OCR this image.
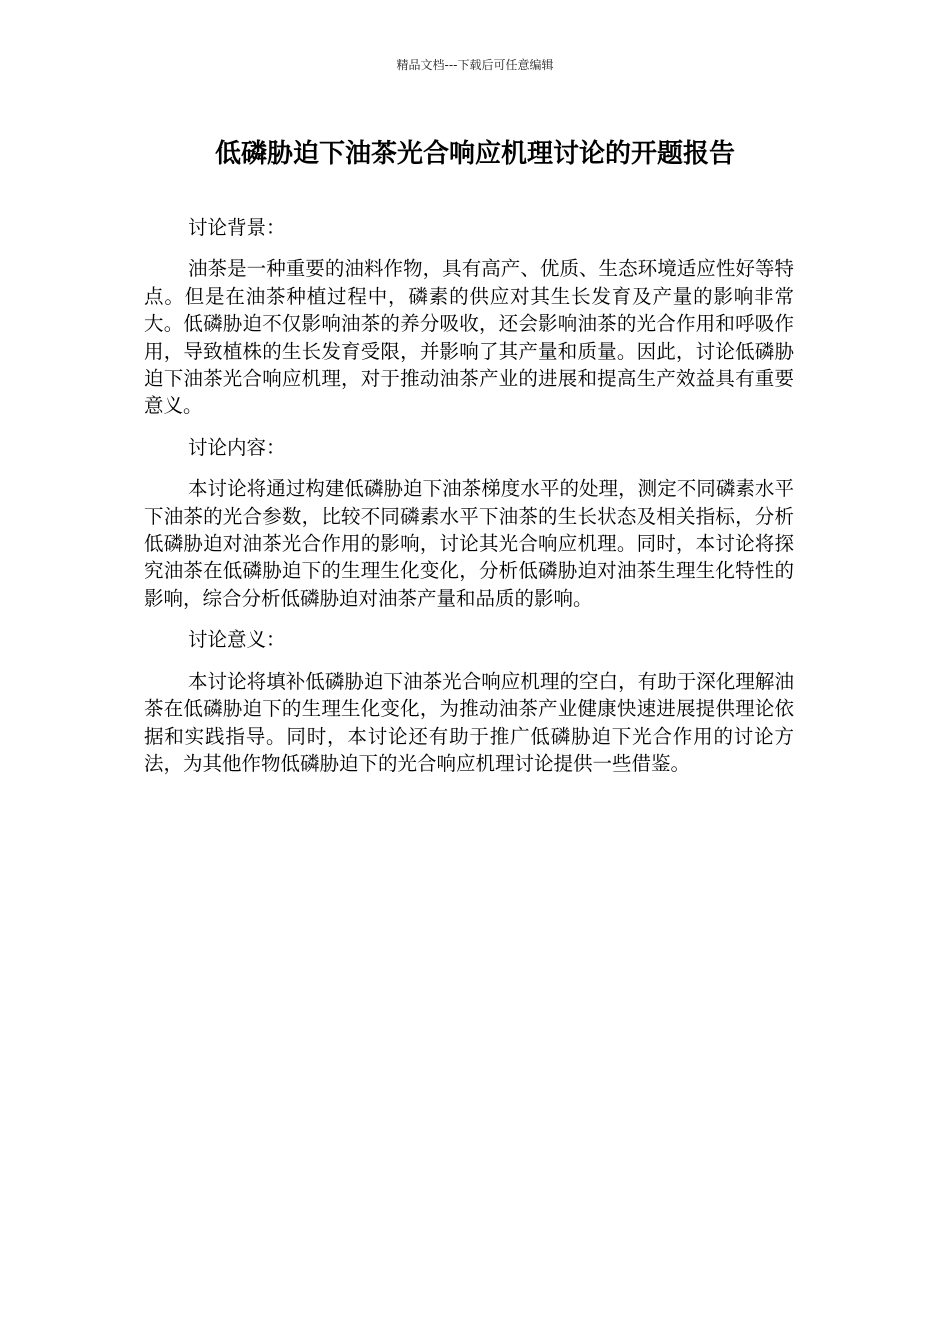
精品文档---下载后可任意编辑
低磷胁迫下油茶光合响应机理讨论的开题报告

讨论背景：

油茶是一种重要的油料作物，具有高产、优质、生态环境适应性好等特点。但是在油茶种植过程中，磷素的供应对其生长发育及产量的影响非常大。低磷胁迫不仅影响油茶的养分吸收，还会影响油茶的光合作用和呼吸作用，导致植株的生长发育受限，并影响了其产量和质量。因此，讨论低磷胁迫下油茶光合响应机理，对于推动油茶产业的进展和提高生产效益具有重要意义。

讨论内容：

本讨论将通过构建低磷胁迫下油茶梯度水平的处理，测定不同磷素水平下油茶的光合参数，比较不同磷素水平下油茶的生长状态及相关指标，分析低磷胁迫对油茶光合作用的影响，讨论其光合响应机理。同时，本讨论将探究油茶在低磷胁迫下的生理生化变化，分析低磷胁迫对油茶生理生化特性的影响，综合分析低磷胁迫对油茶产量和品质的影响。

讨论意义：

本讨论将填补低磷胁迫下油茶光合响应机理的空白，有助于深化理解油茶在低磷胁迫下的生理生化变化，为推动油茶产业健康快速进展提供理论依据和实践指导。同时，本讨论还有助于推广低磷胁迫下光合作用的讨论方法，为其他作物低磷胁迫下的光合响应机理讨论提供一些借鉴。
